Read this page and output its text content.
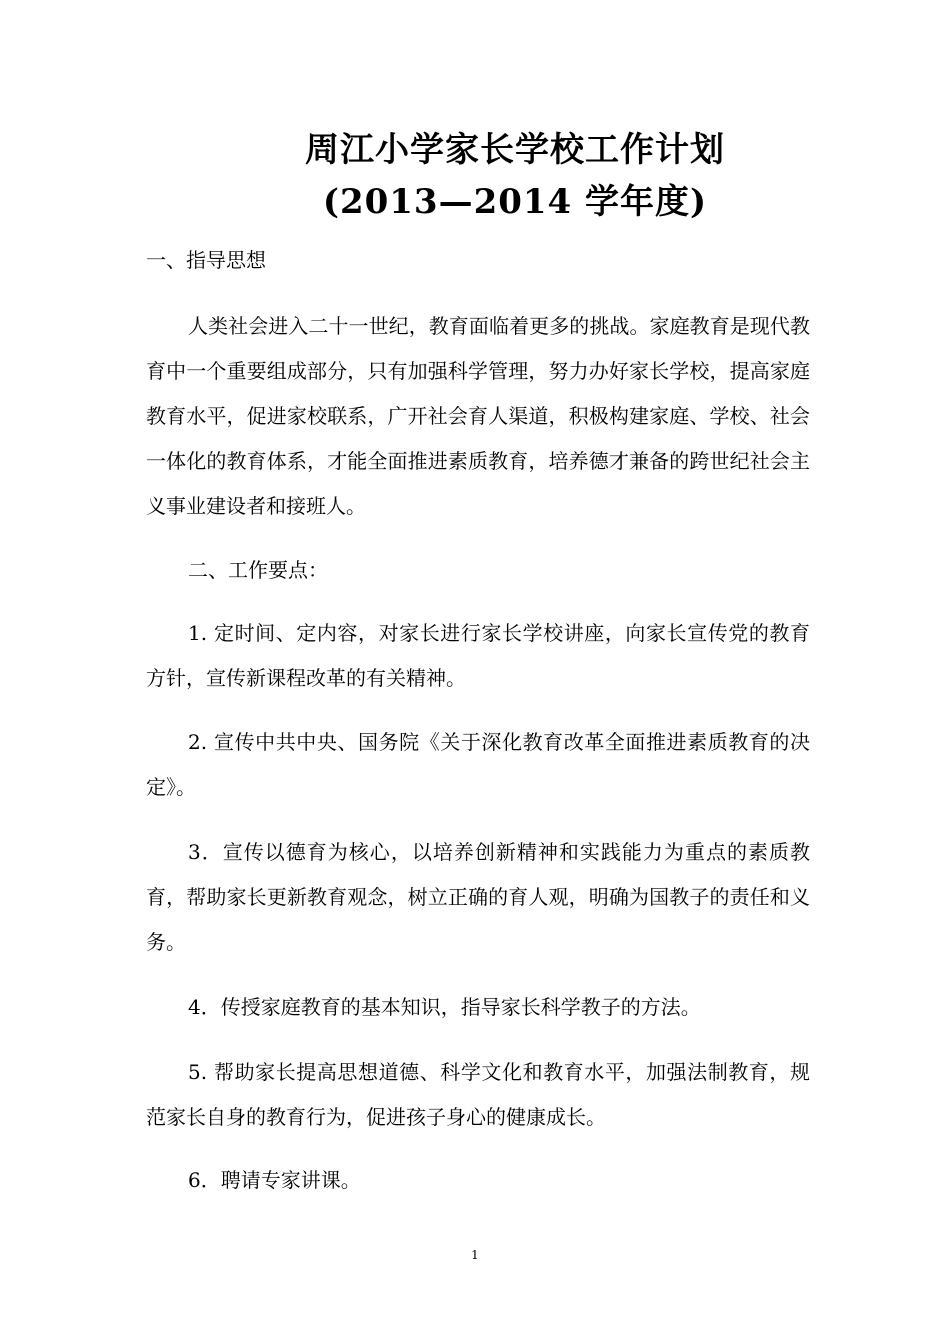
周江小学家长学校工作计划
(2013—2014 学年度)
一、指导思想
人类社会进入二十一世纪，教育面临着更多的挑战。家庭教育是现代教育中一个重要组成部分，只有加强科学管理，努力办好家长学校，提高家庭教育水平，促进家校联系，广开社会育人渠道，积极构建家庭、学校、社会一体化的教育体系，才能全面推进素质教育，培养德才兼备的跨世纪社会主义事业建设者和接班人。
二、工作要点：
1. 定时间、定内容，对家长进行家长学校讲座，向家长宣传党的教育方针，宣传新课程改革的有关精神。
2. 宣传中共中央、国务院《关于深化教育改革全面推进素质教育的决定》。
3．宣传以德育为核心，以培养创新精神和实践能力为重点的素质教育，帮助家长更新教育观念，树立正确的育人观，明确为国教子的责任和义务。
4．传授家庭教育的基本知识，指导家长科学教子的方法。
5. 帮助家长提高思想道德、科学文化和教育水平，加强法制教育，规范家长自身的教育行为，促进孩子身心的健康成长。
6．聘请专家讲课。
1
